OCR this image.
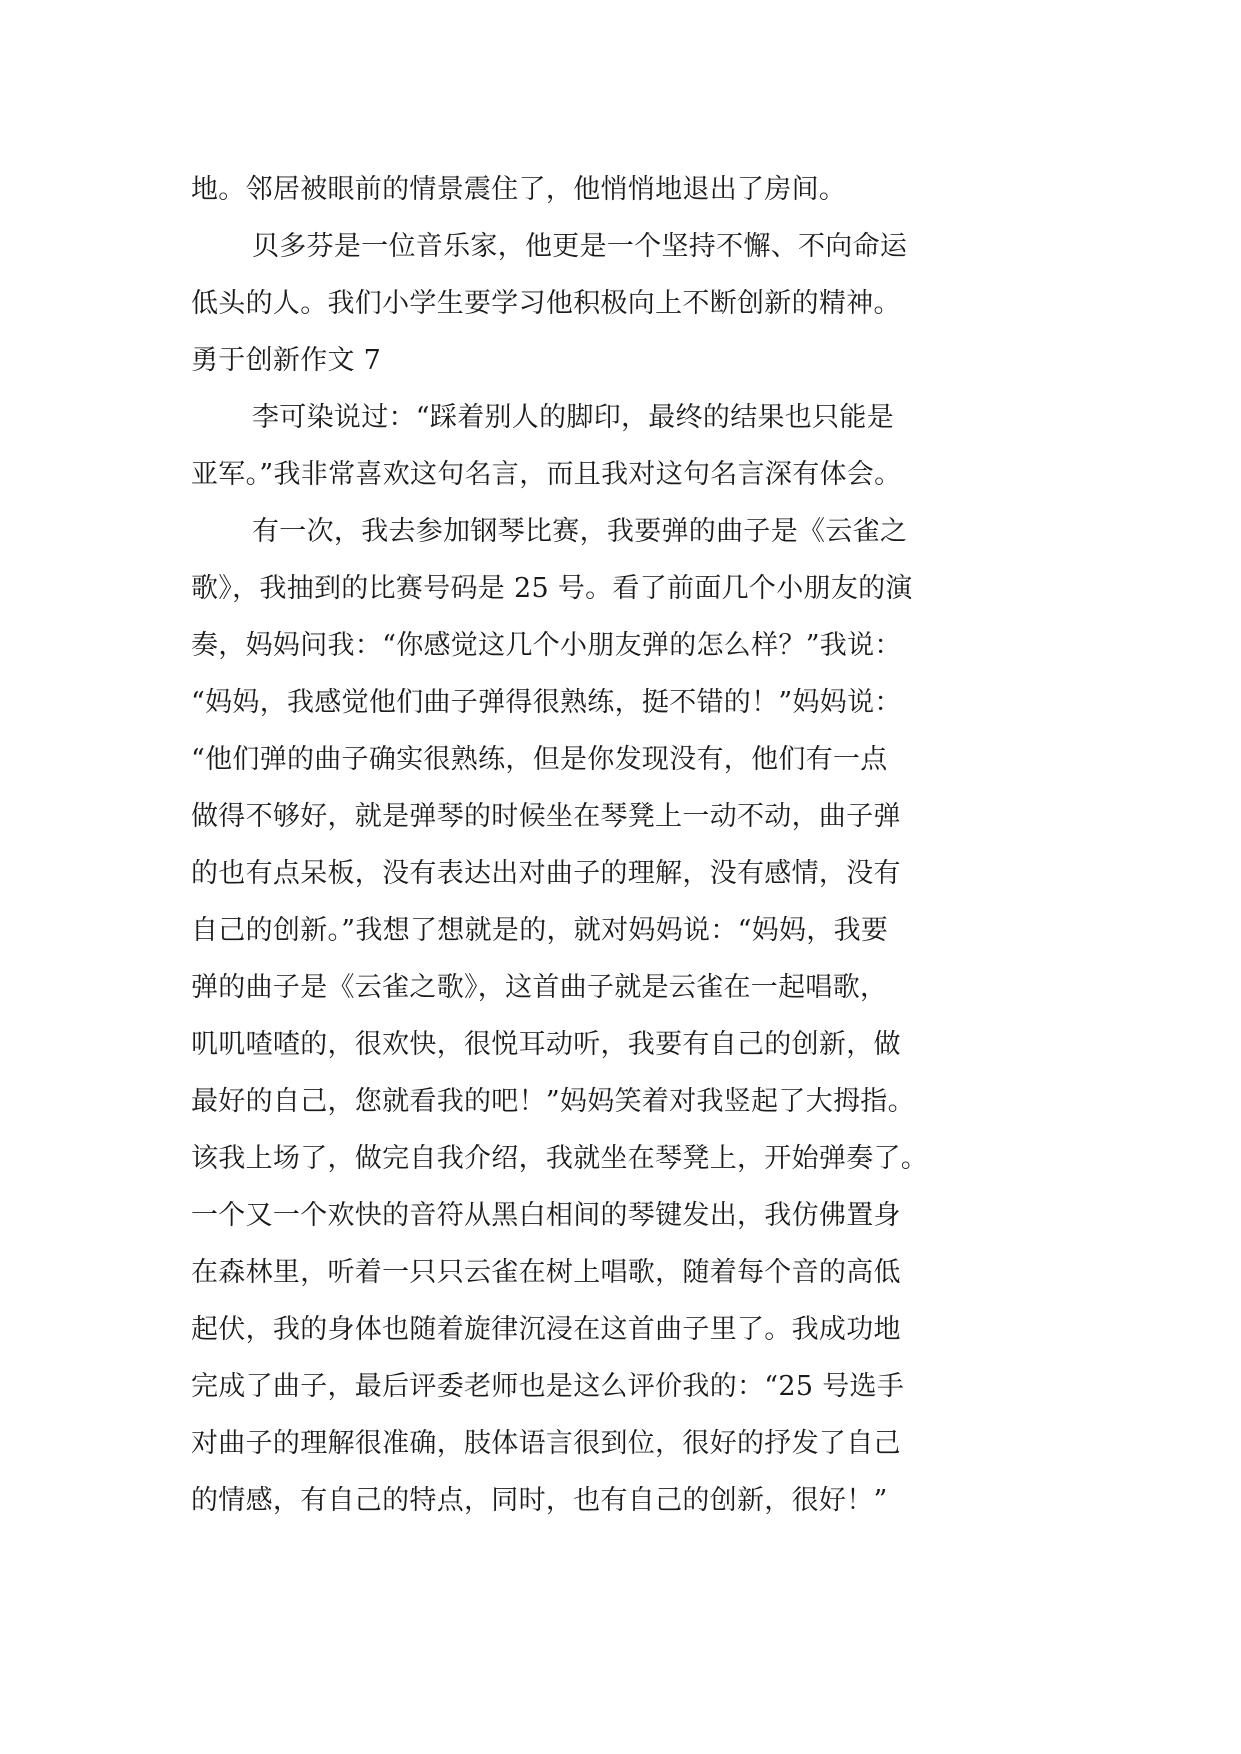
地。邻居被眼前的情景震住了，他悄悄地退出了房间。

贝多芬是一位音乐家，他更是一个坚持不懈、不向命运

低头的人。我们小学生要学习他积极向上不断创新的精神。

勇于创新作文 7

李可染说过：“踩着别人的脚印，最终的结果也只能是

亚军。”我非常喜欢这句名言，而且我对这句名言深有体会。

有一次，我去参加钢琴比赛，我要弹的曲子是《云雀之

歌》，我抽到的比赛号码是 25 号。看了前面几个小朋友的演

奏，妈妈问我：“你感觉这几个小朋友弹的怎么样？”我说：

“妈妈，我感觉他们曲子弹得很熟练，挺不错的！”妈妈说：

“他们弹的曲子确实很熟练，但是你发现没有，他们有一点

做得不够好，就是弹琴的时候坐在琴凳上一动不动，曲子弹

的也有点呆板，没有表达出对曲子的理解，没有感情，没有

自己的创新。”我想了想就是的，就对妈妈说：“妈妈，我要

弹的曲子是《云雀之歌》，这首曲子就是云雀在一起唱歌，

叽叽喳喳的，很欢快，很悦耳动听，我要有自己的创新，做

最好的自己，您就看我的吧！”妈妈笑着对我竖起了大拇指。

该我上场了，做完自我介绍，我就坐在琴凳上，开始弹奏了。

一个又一个欢快的音符从黑白相间的琴键发出，我仿佛置身

在森林里，听着一只只云雀在树上唱歌，随着每个音的高低

起伏，我的身体也随着旋律沉浸在这首曲子里了。我成功地

完成了曲子，最后评委老师也是这么评价我的：“25 号选手

对曲子的理解很准确，肢体语言很到位，很好的抒发了自己

的情感，有自己的特点，同时，也有自己的创新，很好！”
